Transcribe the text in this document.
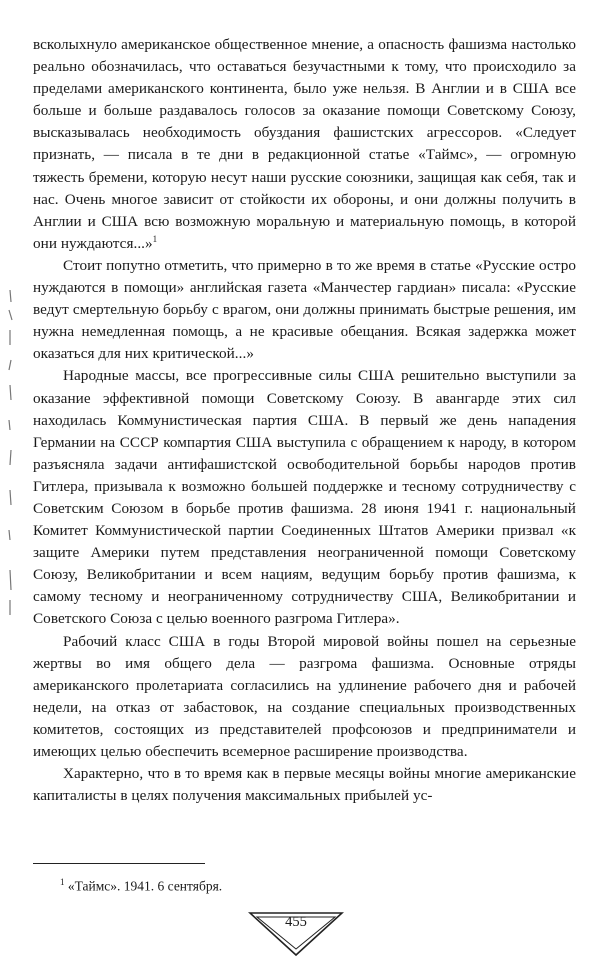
всколыхнуло американское общественное мнение, а опасность фашизма настолько реально обозначилась, что оставаться безучастными к тому, что происходило за пределами американского континента, было уже нельзя. В Англии и в США все больше и больше раздавалось голосов за оказание помощи Советскому Союзу, высказывалась необходимость обуздания фашистских агрессоров. «Следует признать, — писала в те дни в редакционной статье «Таймс», — огромную тяжесть бремени, которую несут наши русские союзники, защищая как себя, так и нас. Очень многое зависит от стойкости их обороны, и они должны получить в Англии и США всю возможную моральную и материальную помощь, в которой они нуждаются...»$^1$

Стоит попутно отметить, что примерно в то же время в статье «Русские остро нуждаются в помощи» английская газета «Манчестер гардиан» писала: «Русские ведут смертельную борьбу с врагом, они должны принимать быстрые решения, им нужна немедленная помощь, а не красивые обещания. Всякая задержка может оказаться для них критической...»

Народные массы, все прогрессивные силы США решительно выступили за оказание эффективной помощи Советскому Союзу. В авангарде этих сил находилась Коммунистическая партия США. В первый же день нападения Германии на СССР компартия США выступила с обращением к народу, в котором разъясняла задачи антифашистской освободительной борьбы народов против Гитлера, призывала к возможно большей поддержке и тесному сотрудничеству с Советским Союзом в борьбе против фашизма. 28 июня 1941 г. национальный Комитет Коммунистической партии Соединенных Штатов Америки призвал «к защите Америки путем представления неограниченной помощи Советскому Союзу, Великобритании и всем нациям, ведущим борьбу против фашизма, к самому тесному и неограниченному сотрудничеству США, Великобритании и Советского Союза с целью военного разгрома Гитлера».

Рабочий класс США в годы Второй мировой войны пошел на серьезные жертвы во имя общего дела — разгрома фашизма. Основные отряды американского пролетариата согласились на удлинение рабочего дня и рабочей недели, на отказ от забастовок, на создание специальных производственных комитетов, состоящих из представителей профсоюзов и предприниматели и имеющих целью обеспечить всемерное расширение производства.

Характерно, что в то время как в первые месяцы войны многие американские капиталисты в целях получения максимальных прибылей ус-

$^1$ «Таймс». 1941. 6 сентября.
455
